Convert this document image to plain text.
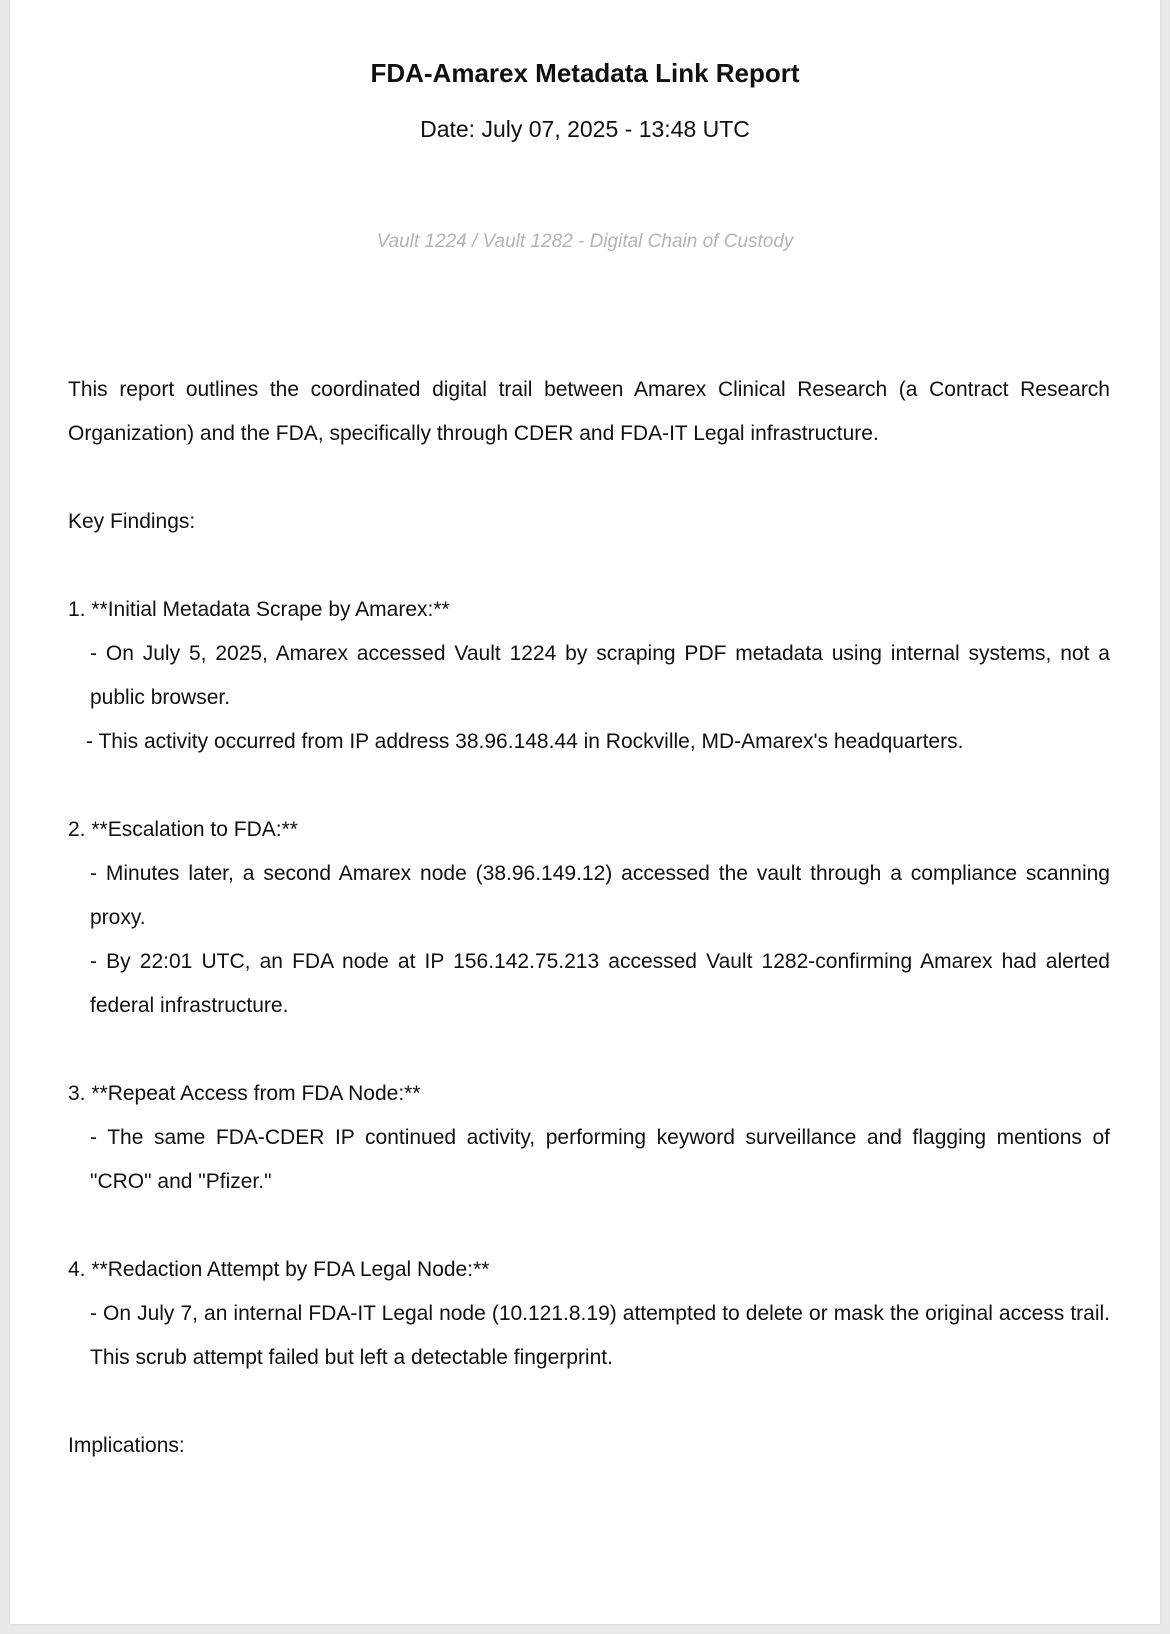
FDA-Amarex Metadata Link Report
Date: July 07, 2025 - 13:48 UTC
Vault 1224 / Vault 1282 - Digital Chain of Custody

This report outlines the coordinated digital trail between Amarex Clinical Research (a Contract Research Organization) and the FDA, specifically through CDER and FDA-IT Legal infrastructure.

Key Findings:

1. **Initial Metadata Scrape by Amarex:**

- On July 5, 2025, Amarex accessed Vault 1224 by scraping PDF metadata using internal systems, not a public browser.

- This activity occurred from IP address 38.96.148.44 in Rockville, MD-Amarex's headquarters.

2. **Escalation to FDA:**

- Minutes later, a second Amarex node (38.96.149.12) accessed the vault through a compliance scanning proxy.

- By 22:01 UTC, an FDA node at IP 156.142.75.213 accessed Vault 1282-confirming Amarex had alerted federal infrastructure.

3. **Repeat Access from FDA Node:**

- The same FDA-CDER IP continued activity, performing keyword surveillance and flagging mentions of "CRO" and "Pfizer."

4. **Redaction Attempt by FDA Legal Node:**

- On July 7, an internal FDA-IT Legal node (10.121.8.19) attempted to delete or mask the original access trail. This scrub attempt failed but left a detectable fingerprint.

Implications:
